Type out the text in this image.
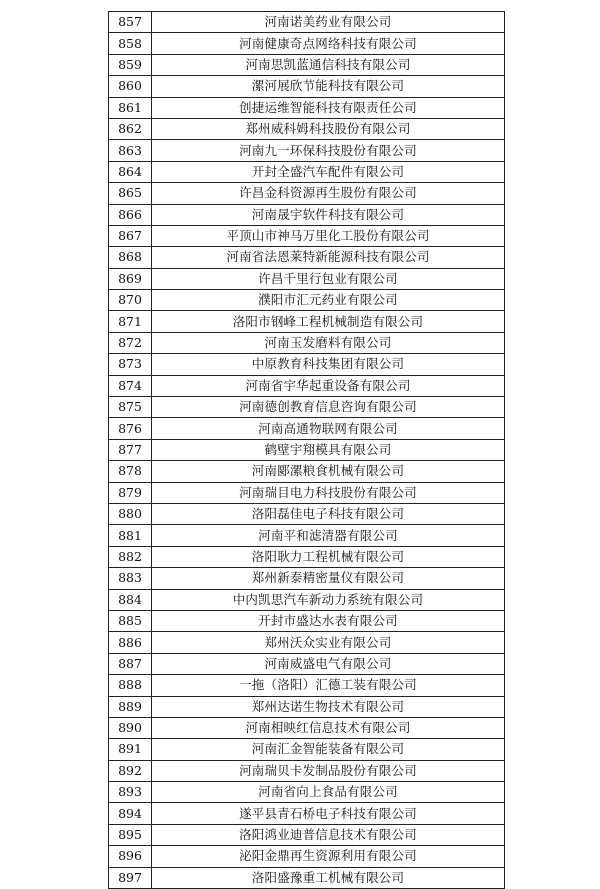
857	河南诺美药业有限公司
858	河南健康奇点网络科技有限公司
859	河南思凯蓝通信科技有限公司
860	漯河展欣节能科技有限公司
861	创捷运维智能科技有限责任公司
862	郑州威科姆科技股份有限公司
863	河南九一环保科技股份有限公司
864	开封全盛汽车配件有限公司
865	许昌金科资源再生股份有限公司
866	河南晟宇软件科技有限公司
867	平顶山市神马万里化工股份有限公司
868	河南省法恩莱特新能源科技有限公司
869	许昌千里行包业有限公司
870	濮阳市汇元药业有限公司
871	洛阳市钢峰工程机械制造有限公司
872	河南玉发磨料有限公司
873	中原教育科技集团有限公司
874	河南省宇华起重设备有限公司
875	河南德创教育信息咨询有限公司
876	河南高通物联网有限公司
877	鹤壁宇翔模具有限公司
878	河南郾漯粮食机械有限公司
879	河南瑞目电力科技股份有限公司
880	洛阳磊佳电子科技有限公司
881	河南平和滤清器有限公司
882	洛阳耿力工程机械有限公司
883	郑州新泰精密量仪有限公司
884	中内凯思汽车新动力系统有限公司
885	开封市盛达水表有限公司
886	郑州沃众实业有限公司
887	河南威盛电气有限公司
888	一拖（洛阳）汇德工装有限公司
889	郑州达诺生物技术有限公司
890	河南相映红信息技术有限公司
891	河南汇金智能装备有限公司
892	河南瑞贝卡发制品股份有限公司
893	河南省向上食品有限公司
894	遂平县青石桥电子科技有限公司
895	洛阳鸿业迪普信息技术有限公司
896	泌阳金鼎再生资源利用有限公司
897	洛阳盛豫重工机械有限公司
